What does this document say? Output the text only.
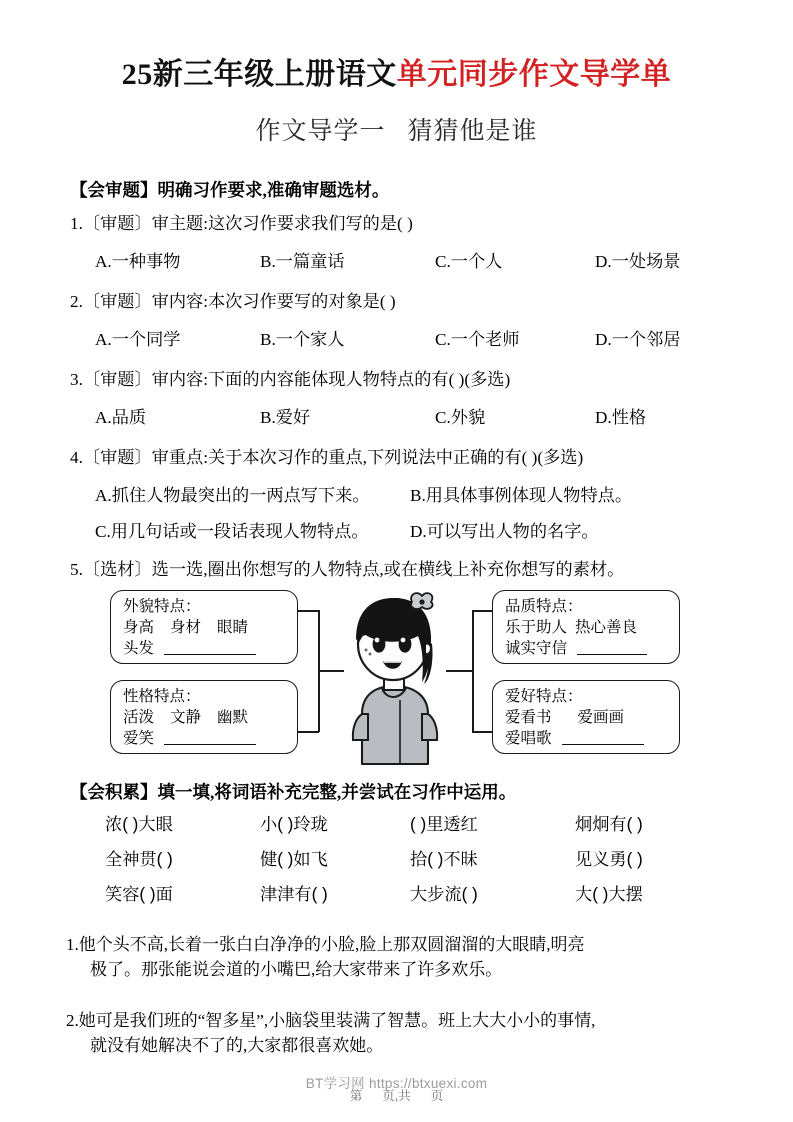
25新三年级上册语文单元同步作文导学单
作文导学一 猜猜他是谁
【会审题】明确习作要求,准确审题选材。
1.〔审题〕审主题:这次习作要求我们写的是( )
A.一种事物	B.一篇童话	C.一个人	D.一处场景
2.〔审题〕审内容:本次习作要写的对象是( )
A.一个同学	B.一个家人	C.一个老师	D.一个邻居
3.〔审题〕审内容:下面的内容能体现人物特点的有( )(多选)
A.品质	B.爱好	C.外貌	D.性格
4.〔审题〕审重点:关于本次习作的重点,下列说法中正确的有( )(多选)
A.抓住人物最突出的一两点写下来。 B.用具体事例体现人物特点。
C.用几句话或一段话表现人物特点。 D.可以写出人物的名字。
5.〔选材〕选一选,圈出你想写的人物特点,或在横线上补充你想写的素材。
外貌特点：
身高 身材 眼睛
头发
性格特点：
活泼 文静 幽默
爱笑
品质特点：
乐于助人 热心善良
诚实守信
爱好特点：
爱看书 爱画画
爱唱歌
【会积累】填一填,将词语补充完整,并尝试在习作中运用。
浓( )大眼	小( )玲珑	( )里透红	炯炯有( )
全神贯( )	健( )如飞	拾( )不昧	见义勇( )
笑容( )面	津津有( )	大步流( )	大( )大摆
1.他个头不高,长着一张白白净净的小脸,脸上那双圆溜溜的大眼睛,明亮
极了。那张能说会道的小嘴巴,给大家带来了许多欢乐。
2.她可是我们班的“智多星”,小脑袋里装满了智慧。班上大大小小的事情,
就没有她解决不了的,大家都很喜欢她。
BT学习网 https://btxuexi.com
第 页,共 页
